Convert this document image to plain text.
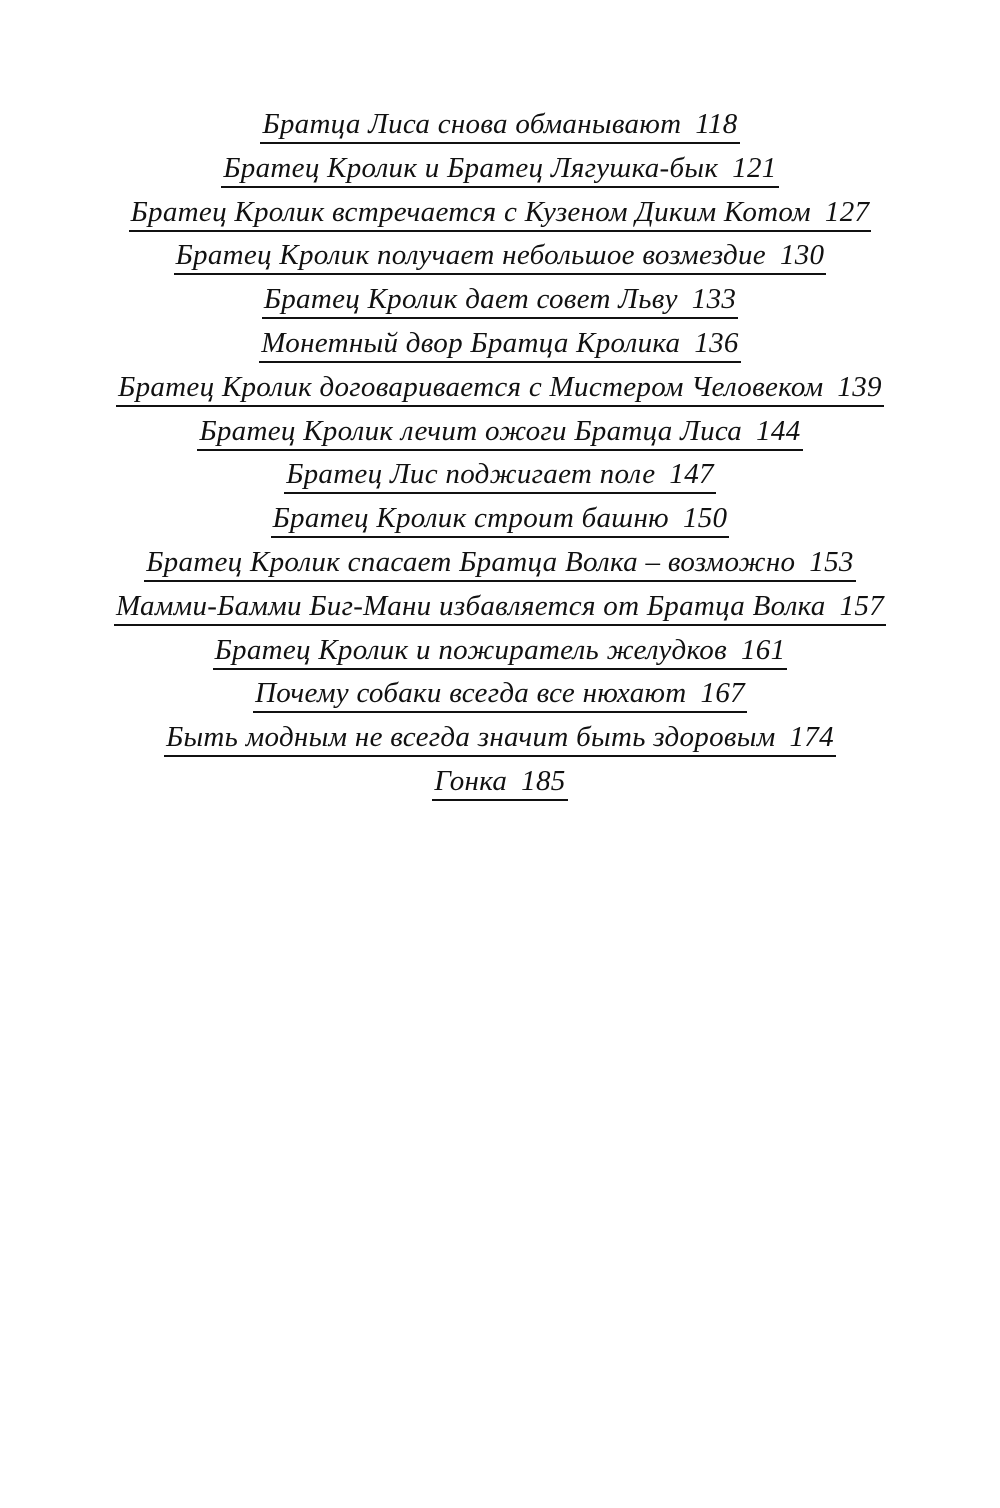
Братца Лиса снова обманывают 118
Братец Кролик и Братец Лягушка-бык 121
Братец Кролик встречается с Кузеном Диким Котом 127
Братец Кролик получает небольшое возмездие 130
Братец Кролик дает совет Льву 133
Монетный двор Братца Кролика 136
Братец Кролик договаривается с Мистером Человеком 139
Братец Кролик лечит ожоги Братца Лиса 144
Братец Лис поджигает поле 147
Братец Кролик строит башню 150
Братец Кролик спасает Братца Волка – возможно 153
Мамми-Бамми Биг-Мани избавляется от Братца Волка 157
Братец Кролик и пожиратель желудков 161
Почему собаки всегда все нюхают 167
Быть модным не всегда значит быть здоровым 174
Гонка 185
